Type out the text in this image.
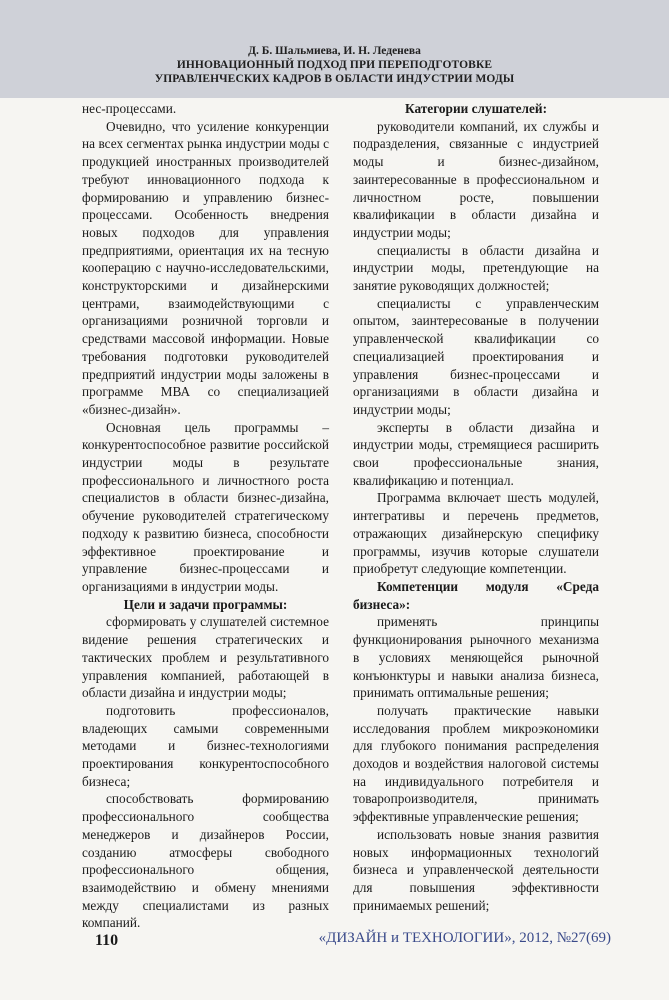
Д. Б. Шальмиева, И. Н. Леденева
ИННОВАЦИОННЫЙ ПОДХОД ПРИ ПЕРЕПОДГОТОВКЕ
УПРАВЛЕНЧЕСКИХ КАДРОВ В ОБЛАСТИ ИНДУСТРИИ МОДЫ

нес-процессами.

Очевидно, что усиление конкуренции на всех сегментах рынка индустрии моды с продукцией иностранных производителей требуют инновационного подхода к формированию и управлению бизнес-процессами. Особенность внедрения новых подходов для управления предприятиями, ориентация их на тесную кооперацию с научно-исследовательскими, конструкторскими и дизайнерскими центрами, взаимодействующими с организациями розничной торговли и средствами массовой информации. Новые требования подготовки руководителей предприятий индустрии моды заложены в программе МВА со специализацией «бизнес-дизайн».

Основная цель программы – конкурентоспособное развитие российской индустрии моды в результате профессионального и личностного роста специалистов в области бизнес-дизайна, обучение руководителей стратегическому подходу к развитию бизнеса, способности эффективное проектирование и управление бизнес-процессами и организациями в индустрии моды.

Цели и задачи программы:

сформировать у слушателей системное видение решения стратегических и тактических проблем и результативного управления компанией, работающей в области дизайна и индустрии моды;

подготовить профессионалов, владеющих самыми современными методами и бизнес-технологиями проектирования конкурентоспособного бизнеса;

способствовать формированию профессионального сообщества менеджеров и дизайнеров России, созданию атмосферы свободного профессионального общения, взаимодействию и обмену мнениями между специалистами из разных компаний.

Категории слушателей:

руководители компаний, их службы и подразделения, связанные с индустрией моды и бизнес-дизайном, заинтересованные в профессиональном и личностном росте, повышении квалификации в области дизайна и индустрии моды;

специалисты в области дизайна и индустрии моды, претендующие на занятие руководящих должностей;

специалисты с управленческим опытом, заинтересованые в получении управленческой квалификации со специализацией проектирования и управления бизнес-процессами и организациями в области дизайна и индустрии моды;

эксперты в области дизайна и индустрии моды, стремящиеся расширить свои профессиональные знания, квалификацию и потенциал.

Программа включает шесть модулей, интегративы и перечень предметов, отражающих дизайнерскую специфику программы, изучив которые слушатели приобретут следующие компетенции.

Компетенции модуля «Среда бизнеса»:

применять принципы функционирования рыночного механизма в условиях меняющейся рыночной конъюнктуры и навыки анализа бизнеса, принимать оптимальные решения;

получать практические навыки исследования проблем микроэкономики для глубокого понимания распределения доходов и воздействия налоговой системы на индивидуального потребителя и товаропроизводителя, принимать эффективные управленческие решения;

использовать новые знания развития новых информационных технологий бизнеса и управленческой деятельности для повышения эффективности принимаемых решений;

110	«ДИЗАЙН и ТЕХНОЛОГИИ», 2012, №27(69)
